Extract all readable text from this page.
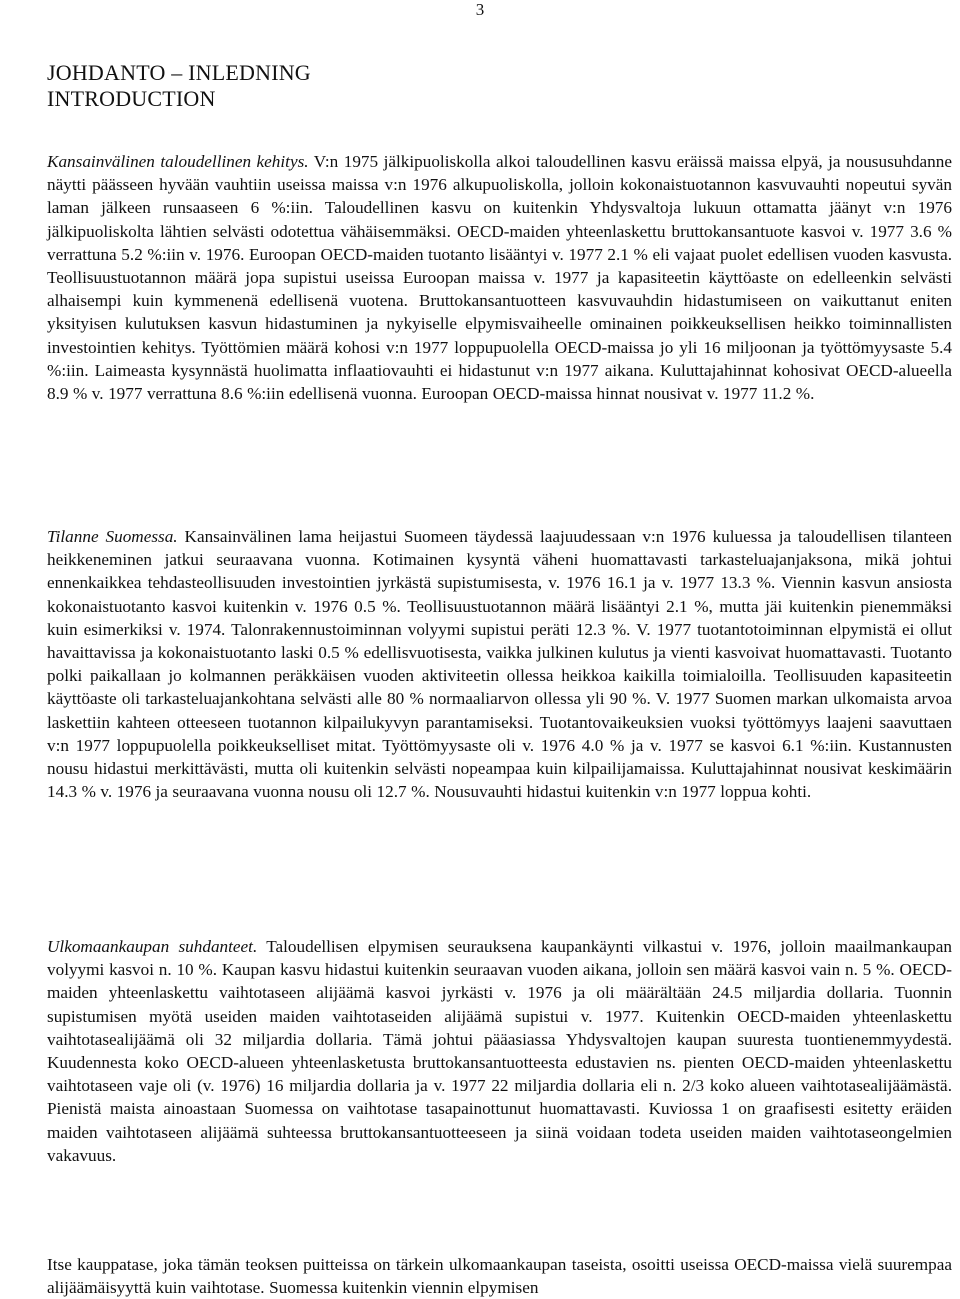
3
JOHDANTO – INLEDNING
INTRODUCTION

Kansainvälinen taloudellinen kehitys. V:n 1975 jälkipuoliskolla alkoi taloudellinen kasvu eräissä maissa elpyä, ja noususuhdanne näytti päässeen hyvään vauhtiin useissa maissa v:n 1976 alkupuoliskolla, jolloin kokonaistuotannon kasvuvauhti nopeutui syvän laman jälkeen runsaaseen 6 %:iin. Taloudellinen kasvu on kuitenkin Yhdysvaltoja lukuun ottamatta jäänyt v:n 1976 jälkipuoliskolta lähtien selvästi odotettua vähäisemmäksi. OECD-maiden yhteenlaskettu bruttokansantuote kasvoi v. 1977 3.6 % verrattuna 5.2 %:iin v. 1976. Euroopan OECD-maiden tuotanto lisääntyi v. 1977 2.1 % eli vajaat puolet edellisen vuoden kasvusta. Teollisuustuotannon määrä jopa supistui useissa Euroopan maissa v. 1977 ja kapasiteetin käyttöaste on edelleenkin selvästi alhaisempi kuin kymmenenä edellisenä vuotena. Bruttokansantuotteen kasvuvauhdin hidastumiseen on vaikuttanut eniten yksityisen kulutuksen kasvun hidastuminen ja nykyiselle elpymisvaiheelle ominainen poikkeuksellisen heikko toiminnallisten investointien kehitys. Työttömien määrä kohosi v:n 1977 loppupuolella OECD-maissa jo yli 16 miljoonan ja työttömyysaste 5.4 %:iin. Laimeasta kysynnästä huolimatta inflaatiovauhti ei hidastunut v:n 1977 aikana. Kuluttajahinnat kohosivat OECD-alueella 8.9 % v. 1977 verrattuna 8.6 %:iin edellisenä vuonna. Euroopan OECD-maissa hinnat nousivat v. 1977 11.2 %.

Tilanne Suomessa. Kansainvälinen lama heijastui Suomeen täydessä laajuudessaan v:n 1976 kuluessa ja taloudellisen tilanteen heikkeneminen jatkui seuraavana vuonna. Kotimainen kysyntä väheni huomattavasti tarkasteluajanjaksona, mikä johtui ennenkaikkea tehdasteollisuuden investointien jyrkästä supistumisesta, v. 1976 16.1 ja v. 1977 13.3 %. Viennin kasvun ansiosta kokonaistuotanto kasvoi kuitenkin v. 1976 0.5 %. Teollisuustuotannon määrä lisääntyi 2.1 %, mutta jäi kuitenkin pienemmäksi kuin esimerkiksi v. 1974. Talonrakennustoiminnan volyymi supistui peräti 12.3 %. V. 1977 tuotantotoiminnan elpymistä ei ollut havaittavissa ja kokonaistuotanto laski 0.5 % edellisvuotisesta, vaikka julkinen kulutus ja vienti kasvoivat huomattavasti. Tuotanto polki paikallaan jo kolmannen peräkkäisen vuoden aktiviteetin ollessa heikkoa kaikilla toimialoilla. Teollisuuden kapasiteetin käyttöaste oli tarkasteluajankohtana selvästi alle 80 % normaaliarvon ollessa yli 90 %. V. 1977 Suomen markan ulkomaista arvoa laskettiin kahteen otteeseen tuotannon kilpailukyvyn parantamiseksi. Tuotantovaikeuksien vuoksi työttömyys laajeni saavuttaen v:n 1977 loppupuolella poikkeukselliset mitat. Työttömyysaste oli v. 1976 4.0 % ja v. 1977 se kasvoi 6.1 %:iin. Kustannusten nousu hidastui merkittävästi, mutta oli kuitenkin selvästi nopeampaa kuin kilpailijamaissa. Kuluttajahinnat nousivat keskimäärin 14.3 % v. 1976 ja seuraavana vuonna nousu oli 12.7 %. Nousuvauhti hidastui kuitenkin v:n 1977 loppua kohti.

Ulkomaankaupan suhdanteet. Taloudellisen elpymisen seurauksena kaupankäynti vilkastui v. 1976, jolloin maailmankaupan volyymi kasvoi n. 10 %. Kaupan kasvu hidastui kuitenkin seuraavan vuoden aikana, jolloin sen määrä kasvoi vain n. 5 %. OECD-maiden yhteenlaskettu vaihtotaseen alijäämä kasvoi jyrkästi v. 1976 ja oli määrältään 24.5 miljardia dollaria. Tuonnin supistumisen myötä useiden maiden vaihtotaseiden alijäämä supistui v. 1977. Kuitenkin OECD-maiden yhteenlaskettu vaihtotasealijäämä oli 32 miljardia dollaria. Tämä johtui pääasiassa Yhdysvaltojen kaupan suuresta tuontienemmyydestä. Kuudennesta koko OECD-alueen yhteenlasketusta bruttokansantuotteesta edustavien ns. pienten OECD-maiden yhteenlaskettu vaihtotaseen vaje oli (v. 1976) 16 miljardia dollaria ja v. 1977 22 miljardia dollaria eli n. 2/3 koko alueen vaihtotasealijäämästä. Pienistä maista ainoastaan Suomessa on vaihtotase tasapainottunut huomattavasti. Kuviossa 1 on graafisesti esitetty eräiden maiden vaihtotaseen alijäämä suhteessa bruttokansantuotteeseen ja siinä voidaan todeta useiden maiden vaihtotaseongelmien vakavuus.

Itse kauppatase, joka tämän teoksen puitteissa on tärkein ulkomaankaupan taseista, osoitti useissa OECD-maissa vielä suurempaa alijäämäisyyttä kuin vaihtotase. Suomessa kuitenkin viennin elpymisen
